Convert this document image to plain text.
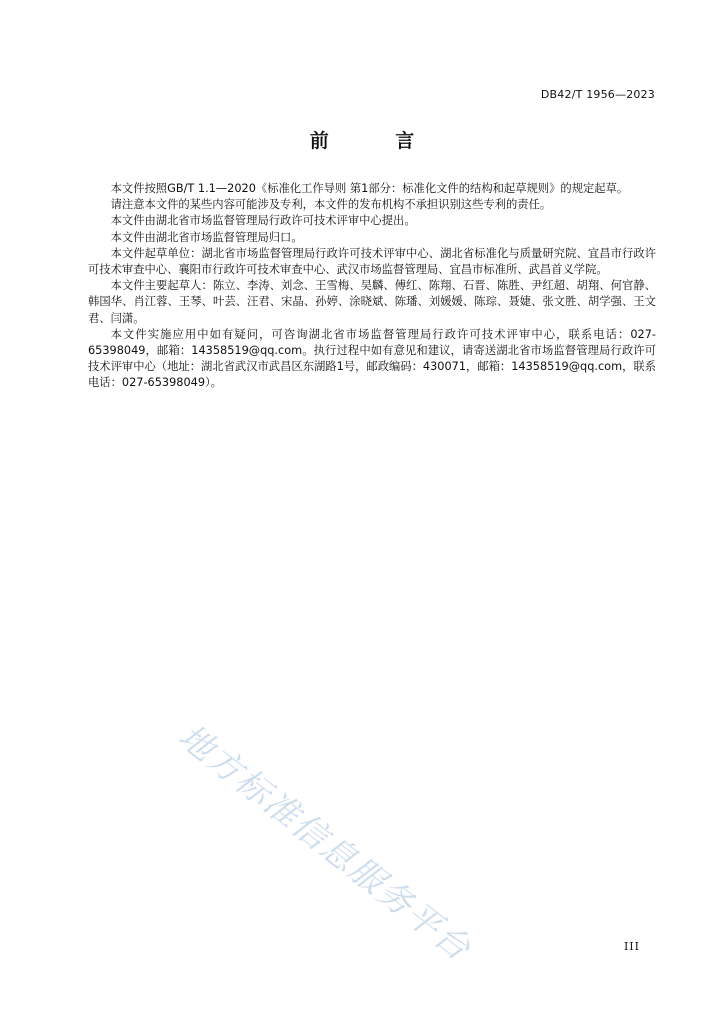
DB42/T 1956—2023
前 言

本文件按照GB/T 1.1—2020《标准化工作导则 第1部分：标准化文件的结构和起草规则》的规定起草。

请注意本文件的某些内容可能涉及专利，本文件的发布机构不承担识别这些专利的责任。

本文件由湖北省市场监督管理局行政许可技术评审中心提出。

本文件由湖北省市场监督管理局归口。

本文件起草单位：湖北省市场监督管理局行政许可技术评审中心、湖北省标准化与质量研究院、宜昌市行政许可技术审查中心、襄阳市行政许可技术审查中心、武汉市场监督管理局、宜昌市标准所、武昌首义学院。

本文件主要起草人：陈立、李涛、刘念、王雪梅、吴麟、傅红、陈翔、石晋、陈胜、尹红超、胡翔、何官静、韩国华、肖江蓉、王琴、叶芸、汪君、宋晶、孙婷、涂晓斌、陈璠、刘媛媛、陈琮、聂婕、张文胜、胡学强、王文君、闫潇。

本文件实施应用中如有疑问，可咨询湖北省市场监督管理局行政许可技术评审中心，联系电话：027-65398049，邮箱：14358519@qq.com。执行过程中如有意见和建议，请寄送湖北省市场监督管理局行政许可技术评审中心（地址：湖北省武汉市武昌区东湖路1号，邮政编码：430071，邮箱：14358519@qq.com，联系电话：027-65398049）。

地方标准信息服务平台	III
